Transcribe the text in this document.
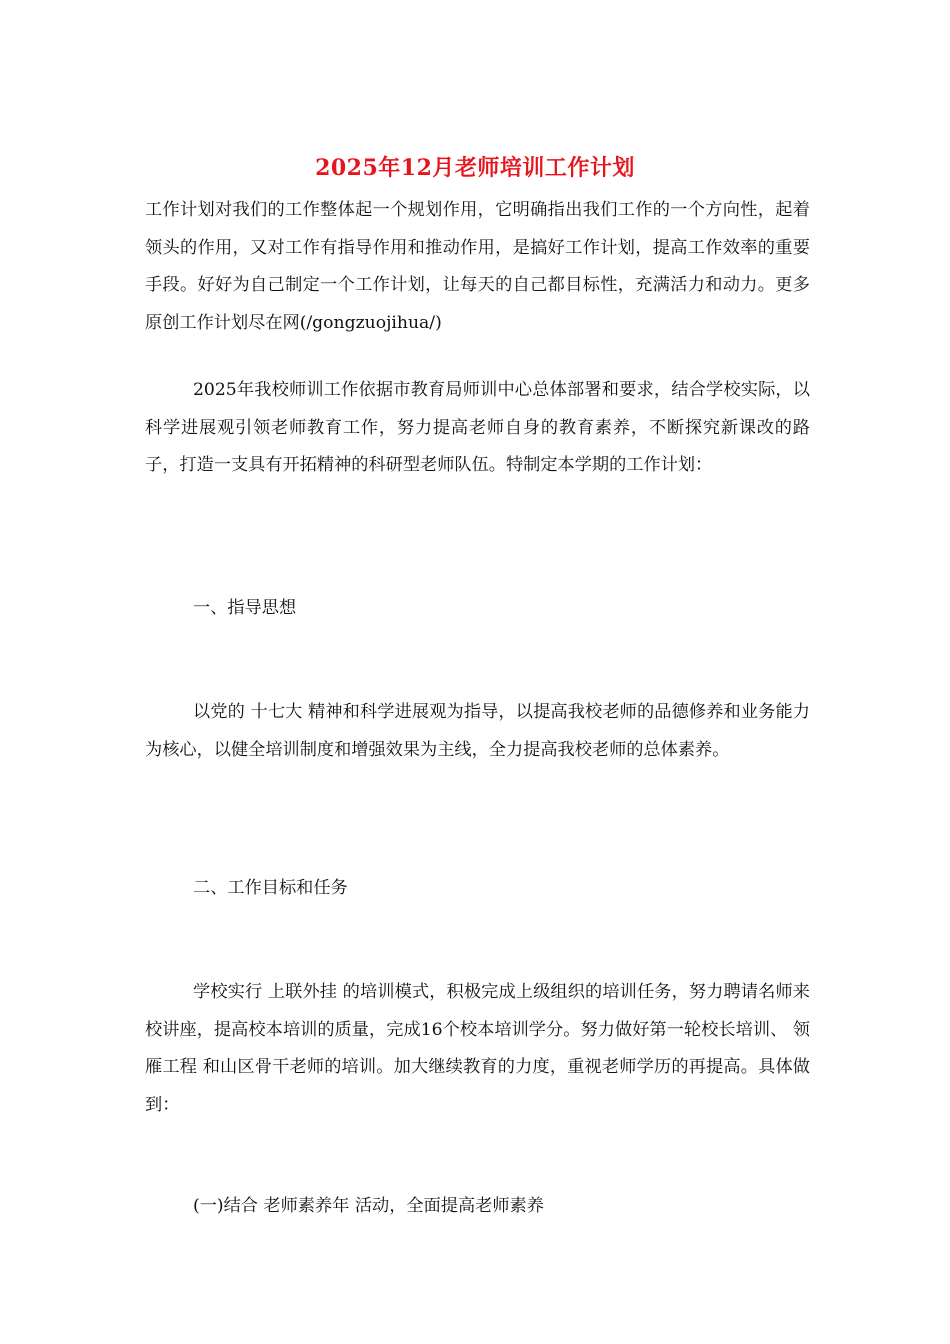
2025年12月老师培训工作计划

工作计划对我们的工作整体起一个规划作用，它明确指出我们工作的一个方向性，起着领头的作用，又对工作有指导作用和推动作用，是搞好工作计划，提高工作效率的重要手段。好好为自己制定一个工作计划，让每天的自己都目标性，充满活力和动力。更多原创工作计划尽在网(/gongzuojihua/)

2025年我校师训工作依据市教育局师训中心总体部署和要求，结合学校实际，以科学进展观引领老师教育工作，努力提高老师自身的教育素养，不断探究新课改的路子，打造一支具有开拓精神的科研型老师队伍。特制定本学期的工作计划：

一、指导思想

以党的 十七大 精神和科学进展观为指导，以提高我校老师的品德修养和业务能力为核心，以健全培训制度和增强效果为主线，全力提高我校老师的总体素养。

二、工作目标和任务

学校实行 上联外挂 的培训模式，积极完成上级组织的培训任务，努力聘请名师来校讲座，提高校本培训的质量，完成16个校本培训学分。努力做好第一轮校长培训、 领雁工程 和山区骨干老师的培训。加大继续教育的力度，重视老师学历的再提高。具体做到：

(一)结合 老师素养年 活动，全面提高老师素养
